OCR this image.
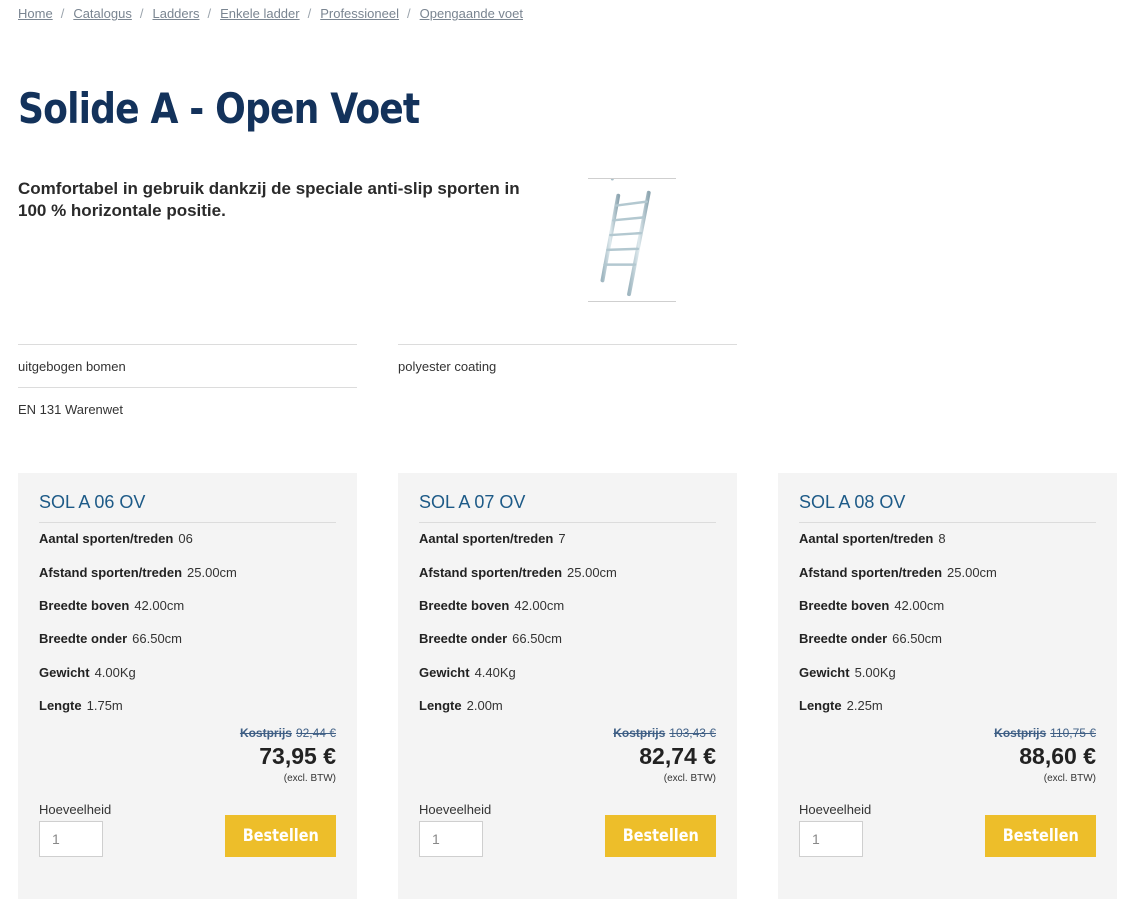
Home / Catalogus / Ladders / Enkele ladder / Professioneel / Opengaande voet
Solide A - Open Voet

Comfortabel in gebruik dankzij de speciale anti-slip sporten in 100 % horizontale positie.

uitgebogen bomen	polyester coating
EN 131 Warenwet
SOL A 06 OV
Aantal sporten/treden 06
Afstand sporten/treden 25.00cm
Breedte boven 42.00cm
Breedte onder 66.50cm
Gewicht 4.00Kg
Lengte 1.75m
Kostprijs 92,44 €
73,95 €
(excl. BTW)
Hoeveelheid
1
Bestellen
SOL A 07 OV
Aantal sporten/treden 7
Afstand sporten/treden 25.00cm
Breedte boven 42.00cm
Breedte onder 66.50cm
Gewicht 4.40Kg
Lengte 2.00m
Kostprijs 103,43 €
82,74 €
(excl. BTW)
Hoeveelheid
1
Bestellen
SOL A 08 OV
Aantal sporten/treden 8
Afstand sporten/treden 25.00cm
Breedte boven 42.00cm
Breedte onder 66.50cm
Gewicht 5.00Kg
Lengte 2.25m
Kostprijs 110,75 €
88,60 €
(excl. BTW)
Hoeveelheid
1
Bestellen
